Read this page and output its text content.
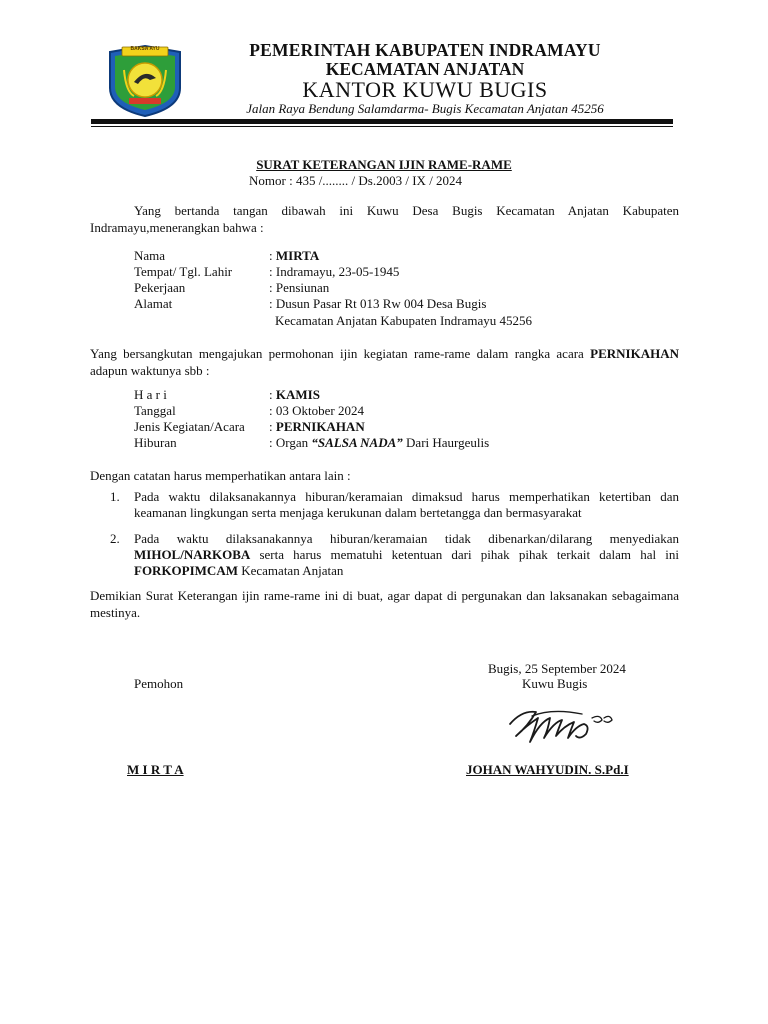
BAKSA AYU	PEMERINTAH KABUPATEN INDRAMAYU
KECAMATAN ANJATAN
KANTOR KUWU BUGIS
Jalan Raya Bendung Salamdarma- Bugis Kecamatan Anjatan 45256
SURAT KETERANGAN IJIN RAME-RAME
Nomor : 435 /........ / Ds.2003 / IX / 2024
Yang bertanda tangan dibawah ini Kuwu Desa Bugis Kecamatan Anjatan Kabupaten Indramayu,menerangkan bahwa :
Nama	: MIRTA
Tempat/ Tgl. Lahir	: Indramayu, 23-05-1945
Pekerjaan	: Pensiunan
Alamat	: Dusun Pasar Rt 013 Rw 004 Desa Bugis
Kecamatan Anjatan Kabupaten Indramayu 45256
Yang bersangkutan mengajukan permohonan ijin kegiatan rame-rame dalam rangka acara PERNIKAHAN adapun waktunya sbb :
H a r i	: KAMIS
Tanggal	: 03 Oktober 2024
Jenis Kegiatan/Acara	: PERNIKAHAN
Hiburan	: Organ “SALSA NADA” Dari Haurgeulis
Dengan catatan harus memperhatikan antara lain :
1. Pada waktu dilaksanakannya hiburan/keramaian dimaksud harus memperhatikan ketertiban dan keamanan lingkungan serta menjaga kerukunan dalam bertetangga dan bermasyarakat
2. Pada waktu dilaksanakannya hiburan/keramaian tidak dibenarkan/dilarang menyediakan MIHOL/NARKOBA serta harus mematuhi ketentuan dari pihak pihak terkait dalam hal ini FORKOPIMCAM Kecamatan Anjatan
Demikian Surat Keterangan ijin rame-rame ini di buat, agar dapat di pergunakan dan laksanakan sebagaimana mestinya.
Bugis, 25 September 2024
Kuwu Bugis
Pemohon
M I R T A	JOHAN WAHYUDIN. S.Pd.I
